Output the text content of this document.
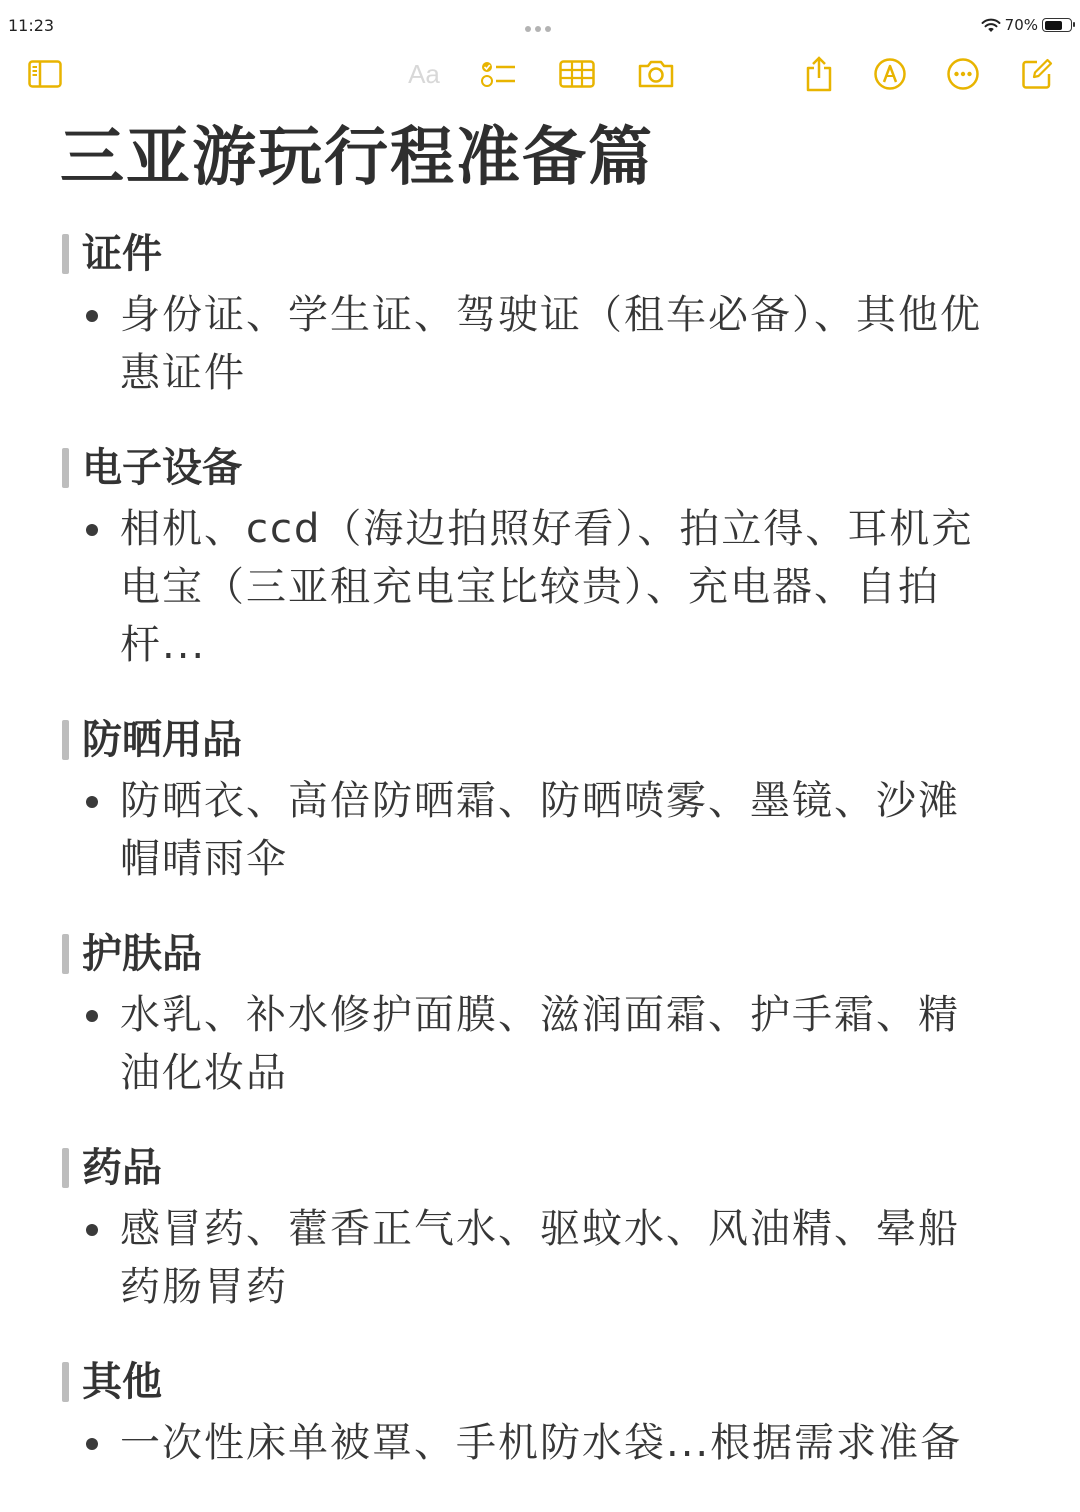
11:23	70%
Aa
三亚游玩行程准备篇
证件
身份证、学生证、驾驶证（租车必备）、其他优惠证件
电子设备
相机、ccd（海边拍照好看）、拍立得、耳机充电宝（三亚租充电宝比较贵）、充电器、自拍杆...
防晒用品
防晒衣、高倍防晒霜、防晒喷雾、墨镜、沙滩帽晴雨伞
护肤品
水乳、补水修护面膜、滋润面霜、护手霜、精油化妆品
药品
感冒药、藿香正气水、驱蚊水、风油精、晕船药肠胃药
其他
一次性床单被罩、手机防水袋...根据需求准备
